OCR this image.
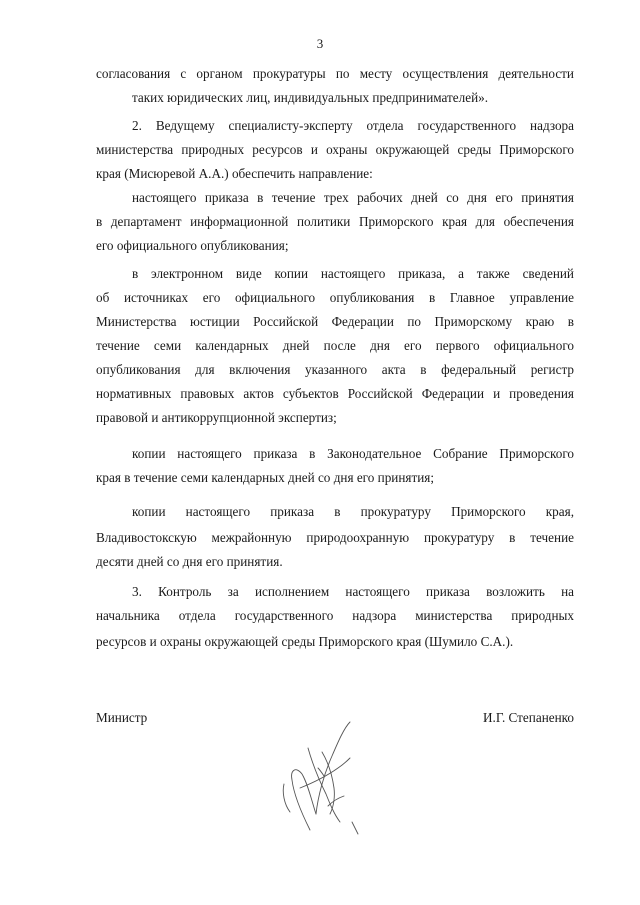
3
согласования с органом прокуратуры по месту осуществления деятельности
таких юридических лиц, индивидуальных предпринимателей».
2. Ведущему специалисту-эксперту отдела государственного надзора
министерства природных ресурсов и охраны окружающей среды Приморского
края (Мисюревой А.А.) обеспечить направление:
настоящего приказа в течение трех рабочих дней со дня его принятия
в департамент информационной политики Приморского края для обеспечения
его официального опубликования;
в электронном виде копии настоящего приказа, а также сведений
об источниках его официального опубликования в Главное управление
Министерства юстиции Российской Федерации по Приморскому краю в
течение семи календарных дней после дня его первого официального
опубликования для включения указанного акта в федеральный регистр
нормативных правовых актов субъектов Российской Федерации и проведения
правовой и антикоррупционной экспертиз;
копии настоящего приказа в Законодательное Собрание Приморского
края в течение семи календарных дней со дня его принятия;
копии настоящего приказа в прокуратуру Приморского края,
Владивостокскую межрайонную природоохранную прокуратуру в течение
десяти дней со дня его принятия.
3. Контроль за исполнением настоящего приказа возложить на
начальника отдела государственного надзора министерства природных
ресурсов и охраны окружающей среды Приморского края (Шумило С.А.).
Министр	И.Г. Степаненко
